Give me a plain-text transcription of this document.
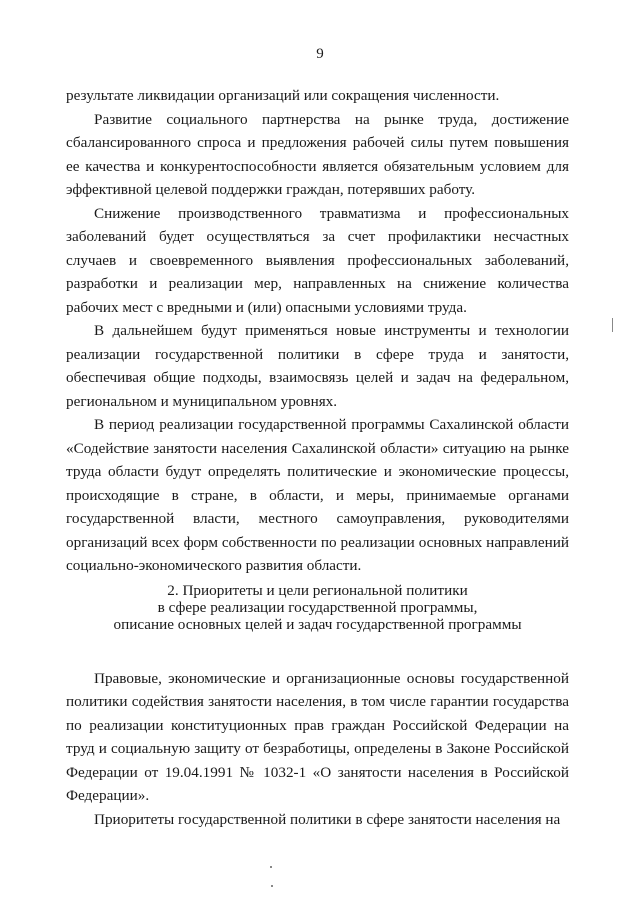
9

результате ликвидации организаций или сокращения численности.

Развитие социального партнерства на рынке труда, достижение сбалансированного спроса и предложения рабочей силы путем повышения ее качества и конкурентоспособности является обязательным условием для эффективной целевой поддержки граждан, потерявших работу.

Снижение производственного травматизма и профессиональных заболеваний будет осуществляться за счет профилактики несчастных случаев и своевременного выявления профессиональных заболеваний, разработки и реализации мер, направленных на снижение количества рабочих мест с вредными и (или) опасными условиями труда.

В дальнейшем будут применяться новые инструменты и технологии реализации государственной политики в сфере труда и занятости, обеспечивая общие подходы, взаимосвязь целей и задач на федеральном, региональном и муниципальном уровнях.

В период реализации государственной программы Сахалинской области «Содействие занятости населения Сахалинской области» ситуацию на рынке труда области будут определять политические и экономические процессы, происходящие в стране, в области, и меры, принимаемые органами государственной власти, местного самоуправления, руководителями организаций всех форм собственности по реализации основных направлений социально-экономического развития области.

2. Приоритеты и цели региональной политики
в сфере реализации государственной программы,
описание основных целей и задач государственной программы

Правовые, экономические и организационные основы государственной политики содействия занятости населения, в том числе гарантии государства по реализации конституционных прав граждан Российской Федерации на труд и социальную защиту от безработицы, определены в Законе Российской Федерации от 19.04.1991 № 1032-1 «О занятости населения в Российской Федерации».

Приоритеты государственной политики в сфере занятости населения на
